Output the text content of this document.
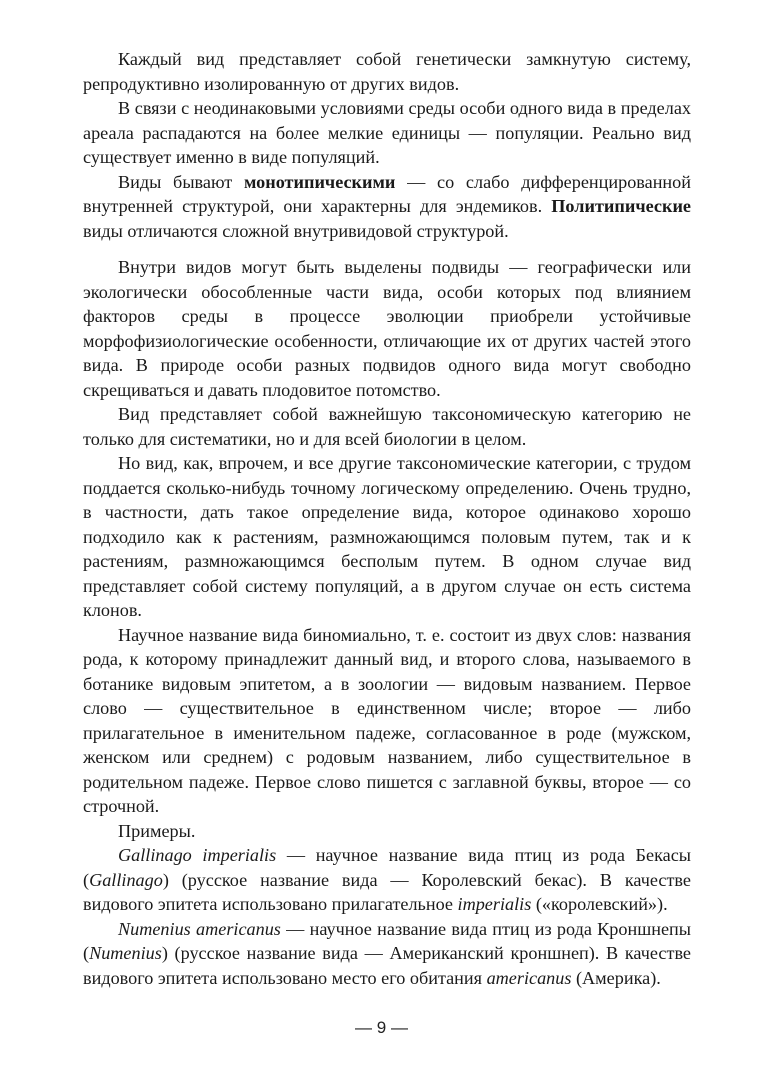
Каждый вид представляет собой генетически замкнутую систему, репродуктивно изолированную от других видов.

В связи с неодинаковыми условиями среды особи одного вида в пределах ареала распадаются на более мелкие единицы — популяции. Реально вид существует именно в виде популяций.

Виды бывают монотипическими — со слабо дифференцированной внутренней структурой, они характерны для эндемиков. Политипические виды отличаются сложной внутривидовой структурой.

Внутри видов могут быть выделены подвиды — географически или экологически обособленные части вида, особи которых под влиянием факторов среды в процессе эволюции приобрели устойчивые морфофизиологические особенности, отличающие их от других частей этого вида. В природе особи разных подвидов одного вида могут свободно скрещиваться и давать плодовитое потомство.

Вид представляет собой важнейшую таксономическую категорию не только для систематики, но и для всей биологии в целом.

Но вид, как, впрочем, и все другие таксономические категории, с трудом поддается сколько-нибудь точному логическому определению. Очень трудно, в частности, дать такое определение вида, которое одинаково хорошо подходило как к растениям, размножающимся половым путем, так и к растениям, размножающимся бесполым путем. В одном случае вид представляет собой систему популяций, а в другом случае он есть система клонов.

Научное название вида биномиально, т. е. состоит из двух слов: названия рода, к которому принадлежит данный вид, и второго слова, называемого в ботанике видовым эпитетом, а в зоологии — видовым названием. Первое слово — существительное в единственном числе; второе — либо прилагательное в именительном падеже, согласованное в роде (мужском, женском или среднем) с родовым названием, либо существительное в родительном падеже. Первое слово пишется с заглавной буквы, второе — со строчной.

Примеры.

Gallinago imperialis — научное название вида птиц из рода Бекасы (Gallinago) (русское название вида — Королевский бекас). В качестве видового эпитета использовано прилагательное imperialis («королевский»).

Numenius americanus — научное название вида птиц из рода Кроншнепы (Numenius) (русское название вида — Американский кроншнеп). В качестве видового эпитета использовано место его обитания americanus (Америка).

— 9 —
